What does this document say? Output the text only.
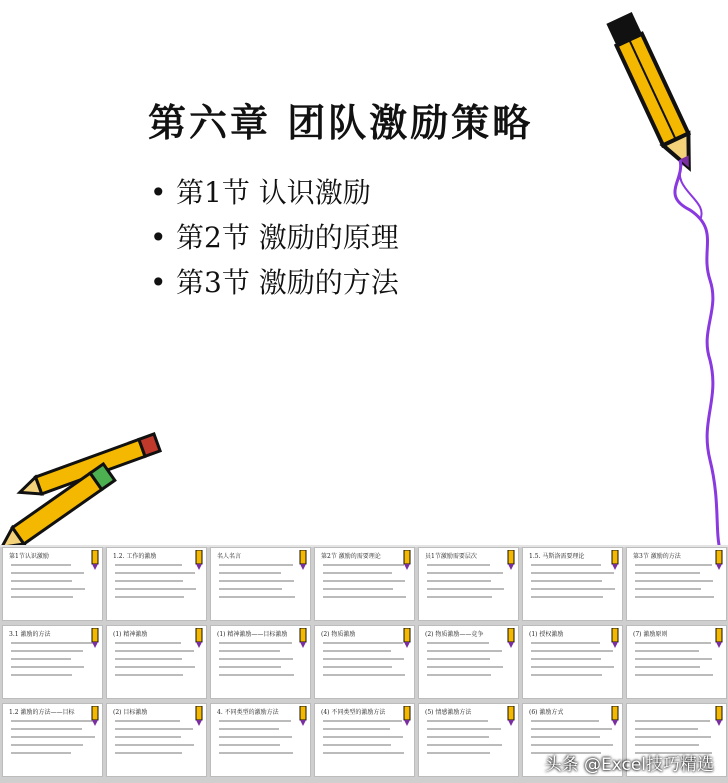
第六章 团队激励策略
• 第1节 认识激励
• 第2节 激励的原理
• 第3节 激励的方法
第1节认识激励	1.2. 工作的激励	名人名言	第2节 激励的需要理论	员1节激励需要层次	1.5. 马斯洛需要理论	第3节 激励的方法
3.1 激励的方法	(1) 精神激励	(1) 精神激励——目标激励	(2) 物质激励	(2) 物质激励——竞争	(1) 授权激励	(7) 激励原则
1.2 激励的方法——目标	(2) 目标激励	4. 不同类型的激励方法	(4) 不同类型的激励方法	(5) 情感激励方法	(6) 激励方式
头条 @Excel技巧精选
